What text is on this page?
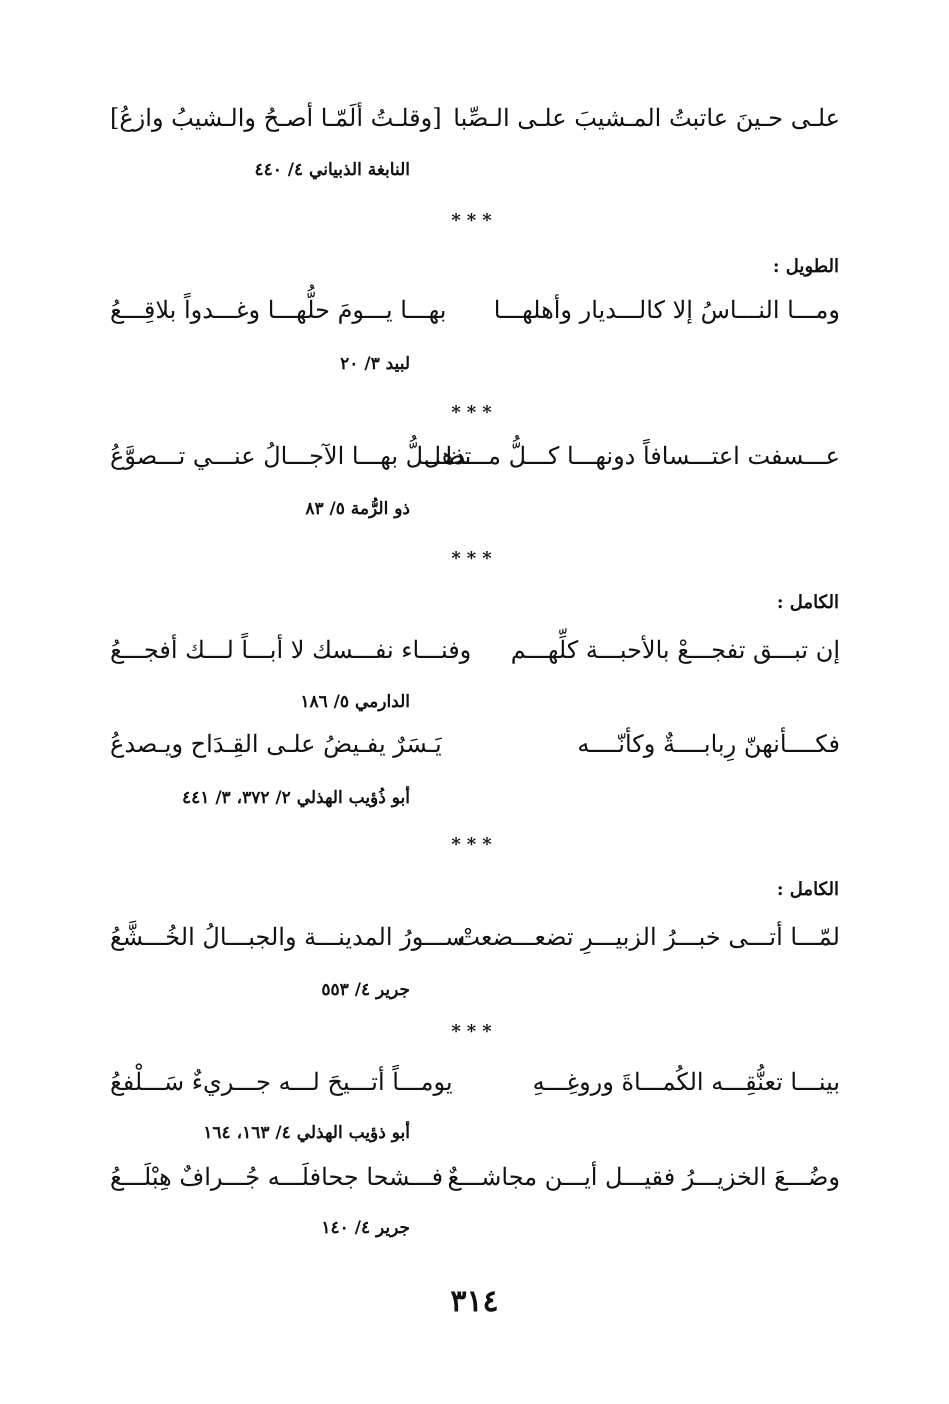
علـى حـينَ عاتبتُ المـشيبَ علـى الـصِّبا
[وقلـتُ ألَمّـا أصـحُ والـشيبُ وازعُ]
النابغة الذبياني ٤/ ٤٤٠
***
الطويل :
ومـــا النـــاسُ إلا كالـــديار وأهلهـــا
بهـــا يـــومَ حلُّهـــا وغـــدواً بلاقِـــعُ
لبيد ٣/ ٢٠
***
عـــسفت اعتـــسافاً دونهـــا كـــلُّ مـــذهل
تظـــلُّ بهـــا الآجـــالُ عنـــي تـــصوَّعُ
ذو الرُّمة ٥/ ٨٣
***
الكامل :
إن تبـــق تفجـــعْ بالأحبـــة كلِّهـــم
وفنـــاء نفـــسك لا أبـــاً لـــك أفجـــعُ
الدارمي ٥/ ١٨٦
فكــــأنهنّ رِبابــــةٌ وكأنّــــه
يَـسَرٌ يفـيضُ علـى القِـدَاح ويـصدعُ
أبو ذُؤيب الهذلي ٢/ ٣٧٢، ٣/ ٤٤١
***
الكامل :
لمّـــا أتـــى خبـــرُ الزبيـــرِ تضعـــضعتْ
ســـورُ المدينـــة والجبـــالُ الخُـــشَّعُ
جرير ٤/ ٥٥٣
***
بينـــا تعنُّقِـــه الكُمـــاةَ وروغِـــهِ
يومـــاً أتـــيحَ لـــه جـــريءٌ سَـــلْفعُ
أبو ذؤيب الهذلي ٤/ ١٦٣، ١٦٤
وضُـــعَ الخزيـــرُ فقيـــل أيـــن مجاشـــعٌ
فـــشحا جحافلَـــه جُـــرافٌ هِبْلَـــعُ
جرير ٤/ ١٤٠
٣١٤
